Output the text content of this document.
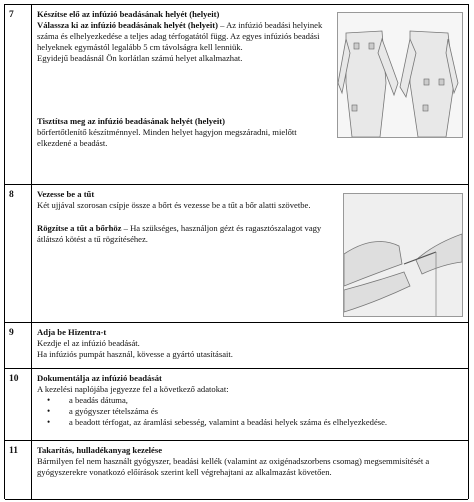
7	Készítse elő az infúzió beadásának helyét (helyeit)

Válassza ki az infúzió beadásának helyét (helyeit) – Az infúzió beadási helyinek száma és elhelyezkedése a teljes adag térfogatától függ. Az egyes infúziós beadási helyeknek egymástól legalább 5 cm távolságra kell lenniük.

Egyidejű beadásnál Ön korlátlan számú helyet alkalmazhat.

Tisztítsa meg az infúzió beadásának helyét (helyeit)

bőrfertőtlenítő készítménnyel. Minden helyet hagyjon megszáradni, mielőtt elkezdené a beadást.

8	Vezesse be a tűt

Két ujjával szorosan csípje össze a bőrt és vezesse be a tűt a bőr alatti szövetbe.

Rögzítse a tűt a bőrhöz – Ha szükséges, használjon gézt és ragasztószalagot vagy átlátszó kötést a tű rögzítéséhez.

9	Adja be Hizentra-t

Kezdje el az infúzió beadását.

Ha infúziós pumpát használ, kövesse a gyártó utasításait.

10	Dokumentálja az infúzió beadását

A kezelési naplójába jegyezze fel a következő adatokat:

• a beadás dátuma,
• a gyógyszer tételszáma és
• a beadott térfogat, az áramlási sebesség, valamint a beadási helyek száma és elhelyezkedése.
11	Takarítás, hulladékanyag kezelése

Bármilyen fel nem használt gyógyszer, beadási kellék (valamint az oxigénadszorbens csomag) megsemmisítését a gyógyszerekre vonatkozó előírások szerint kell végrehajtani az alkalmazást követően.
